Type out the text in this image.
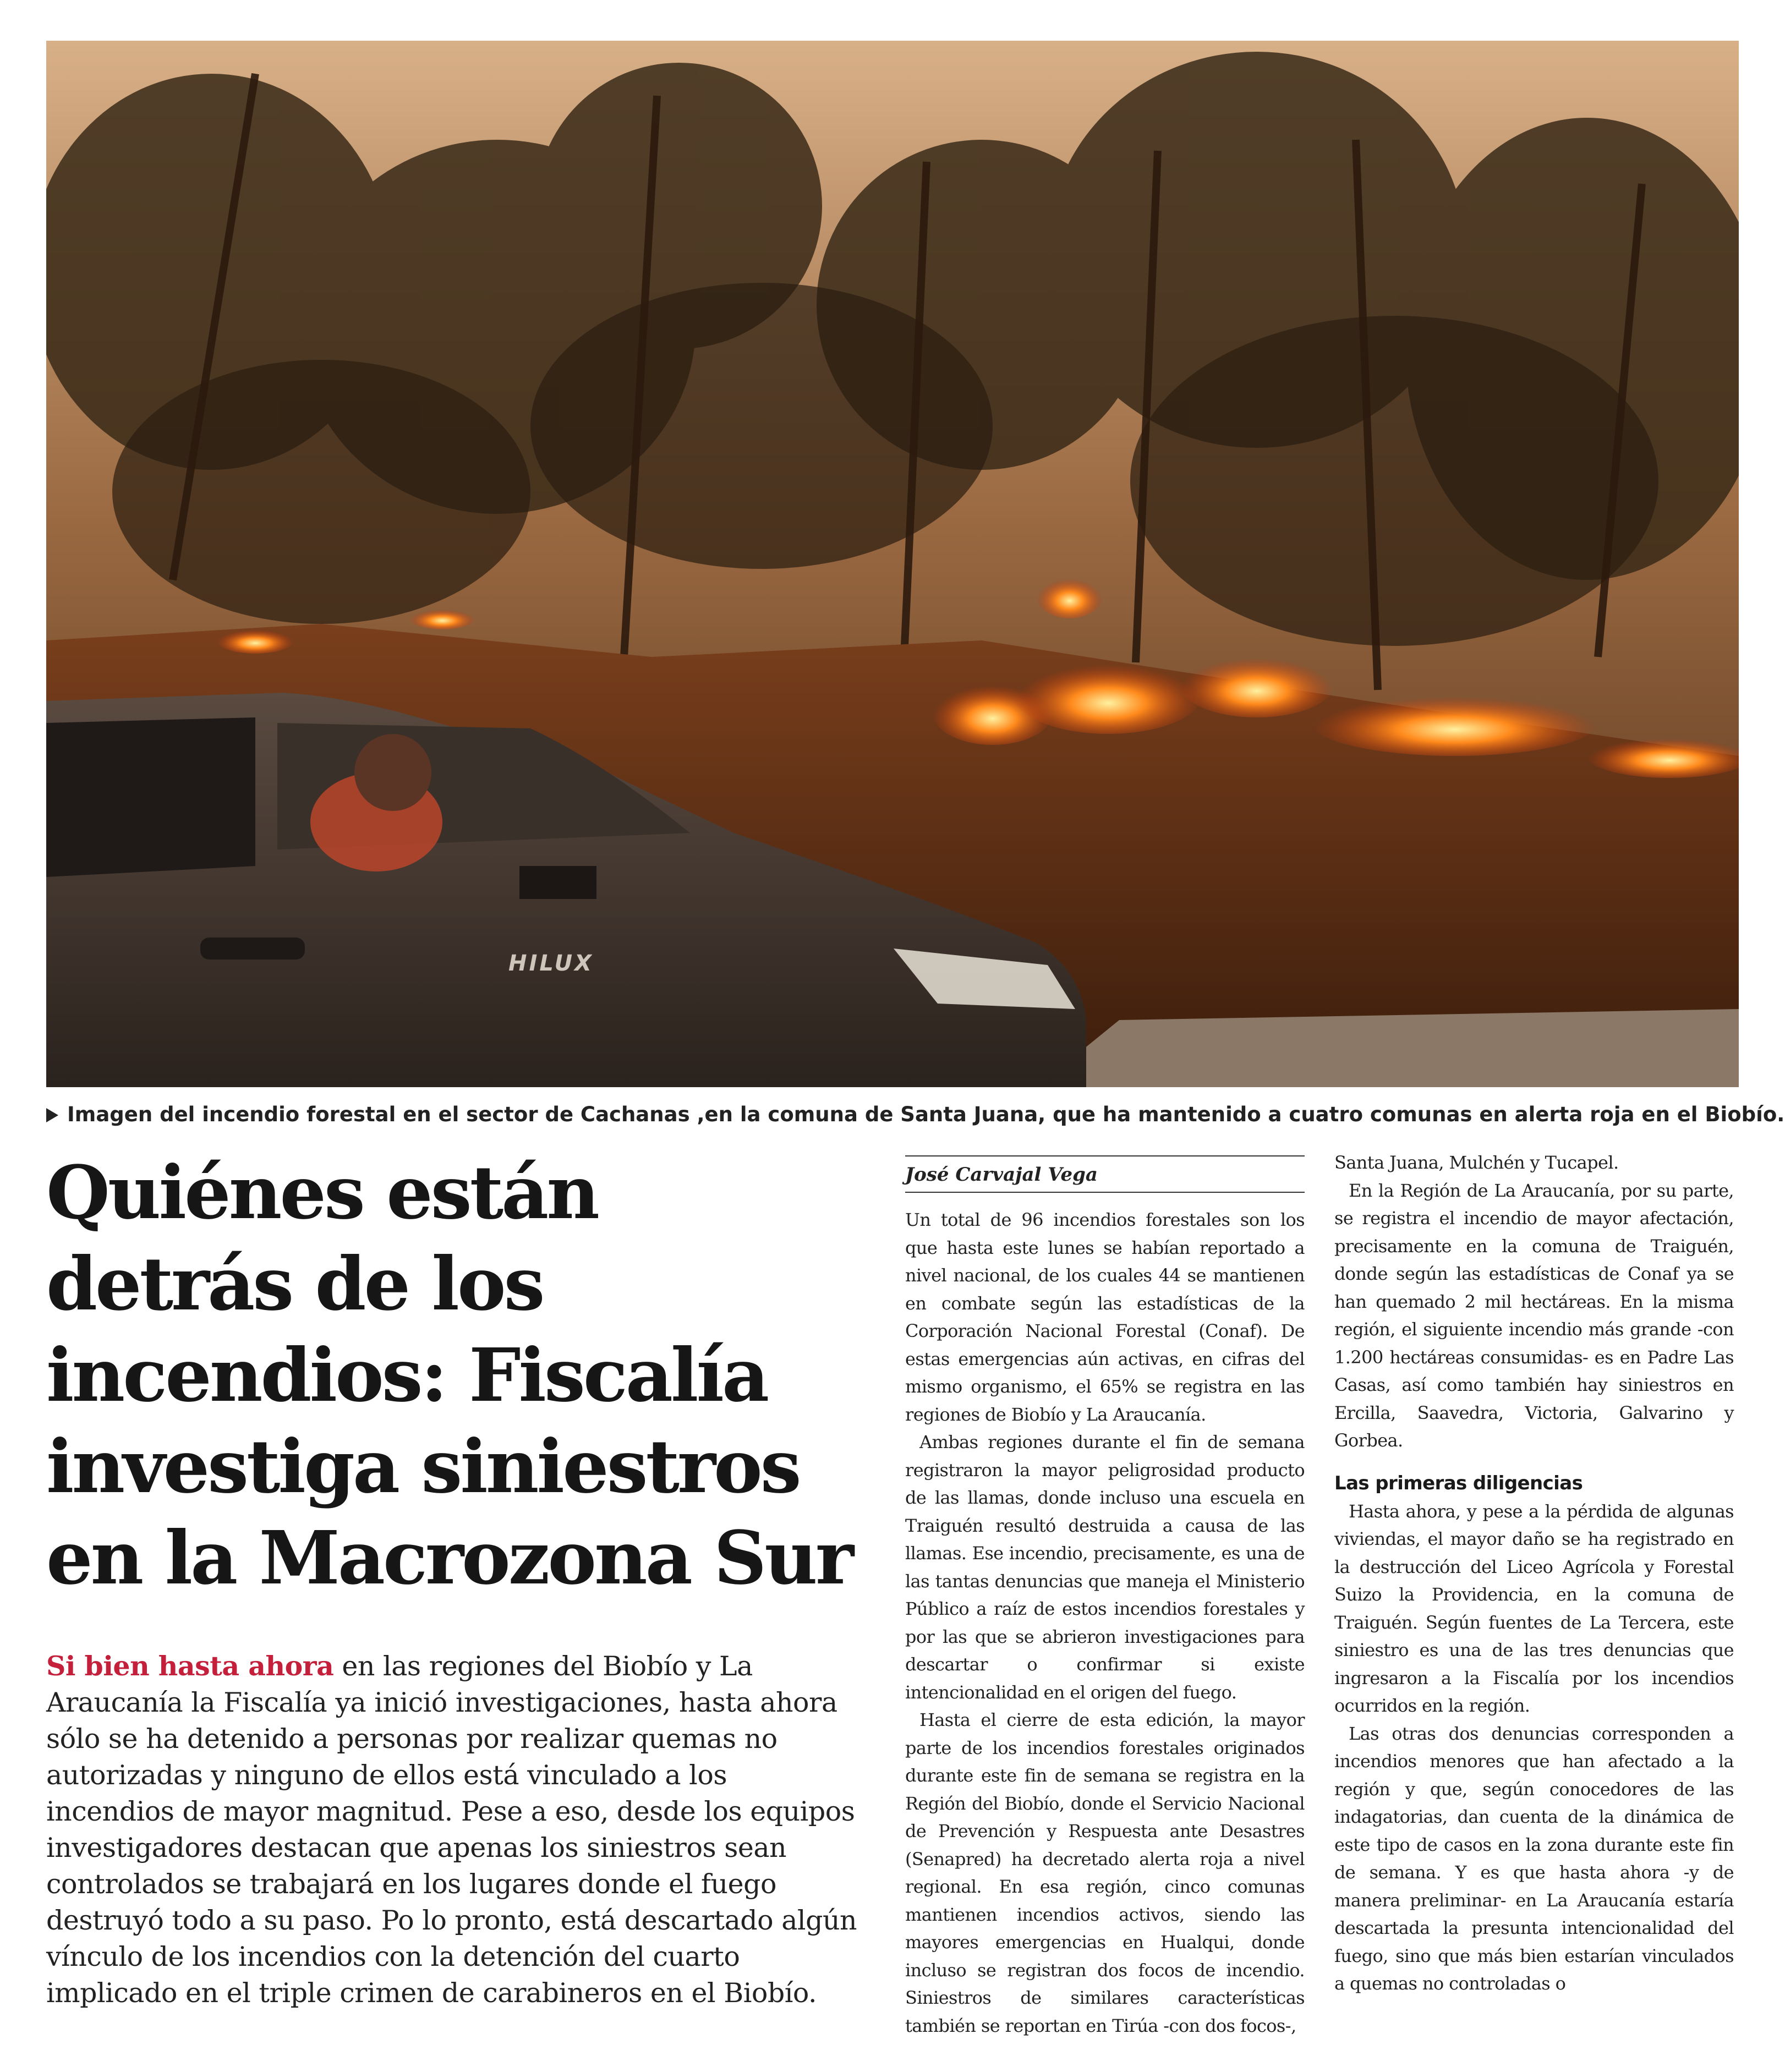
HILUX
Imagen del incendio forestal en el sector de Cachanas ,en la comuna de Santa Juana, que ha mantenido a cuatro comunas en alerta roja en el Biobío.
Quiénes están
detrás de los
incendios: Fiscalía
investiga siniestros
en la Macrozona Sur
Si bien hasta ahora en las regiones del Biobío y La Araucanía la Fiscalía ya inició investigaciones, hasta ahora sólo se ha detenido a personas por realizar quemas no autorizadas y ninguno de ellos está vinculado a los incendios de mayor magnitud. Pese a eso, desde los equipos investigadores destacan que apenas los siniestros sean controlados se trabajará en los lugares donde el fuego destruyó todo a su paso. Po lo pronto, está descartado algún vínculo de los incendios con la detención del cuarto implicado en el triple crimen de carabineros en el Biobío.
José Carvajal Vega

Un total de 96 incendios forestales son los que hasta este lunes se habían reportado a nivel nacional, de los cuales 44 se mantienen en combate según las estadísticas de la Corporación Nacional Forestal (Conaf). De estas emergencias aún activas, en cifras del mismo organismo, el 65% se registra en las regiones de Biobío y La Araucanía.

Ambas regiones durante el fin de semana registraron la mayor peligrosidad producto de las llamas, donde incluso una escuela en Traiguén resultó destruida a causa de las llamas. Ese incendio, precisamente, es una de las tantas denuncias que maneja el Ministerio Público a raíz de estos incendios forestales y por las que se abrieron investigaciones para descartar o confirmar si existe intencionalidad en el origen del fuego.

Hasta el cierre de esta edición, la mayor parte de los incendios forestales originados durante este fin de semana se registra en la Región del Biobío, donde el Servicio Nacional de Prevención y Respuesta ante Desastres (Senapred) ha decretado alerta roja a nivel regional. En esa región, cinco comunas mantienen incendios activos, siendo las mayores emergencias en Hualqui, donde incluso se registran dos focos de incendio. Siniestros de similares características también se reportan en Tirúa -con dos focos-,

Santa Juana, Mulchén y Tucapel.

En la Región de La Araucanía, por su parte, se registra el incendio de mayor afectación, precisamente en la comuna de Traiguén, donde según las estadísticas de Conaf ya se han quemado 2 mil hectáreas. En la misma región, el siguiente incendio más grande -con 1.200 hectáreas consumidas- es en Padre Las Casas, así como también hay siniestros en Ercilla, Saavedra, Victoria, Galvarino y Gorbea.

Las primeras diligencias

Hasta ahora, y pese a la pérdida de algunas viviendas, el mayor daño se ha registrado en la destrucción del Liceo Agrícola y Forestal Suizo la Providencia, en la comuna de Traiguén. Según fuentes de La Tercera, este siniestro es una de las tres denuncias que ingresaron a la Fiscalía por los incendios ocurridos en la región.

Las otras dos denuncias corresponden a incendios menores que han afectado a la región y que, según conocedores de las indagatorias, dan cuenta de la dinámica de este tipo de casos en la zona durante este fin de semana. Y es que hasta ahora -y de manera preliminar- en La Araucanía estaría descartada la presunta intencionalidad del fuego, sino que más bien estarían vinculados a quemas no controladas o
